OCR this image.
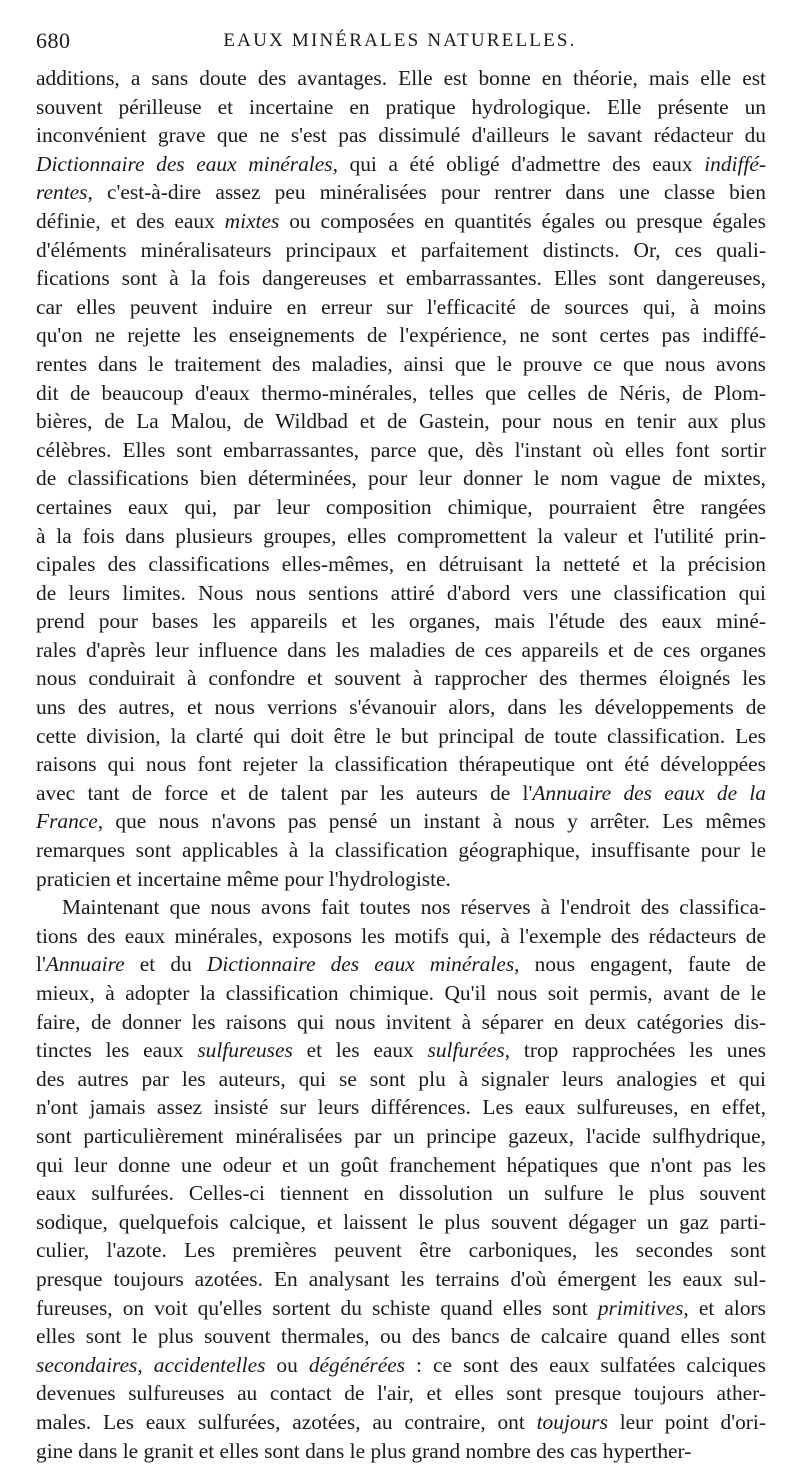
680	EAUX MINÉRALES NATURELLES.
additions, a sans doute des avantages. Elle est bonne en théorie, mais elle est
souvent périlleuse et incertaine en pratique hydrologique. Elle présente un
inconvénient grave que ne s'est pas dissimulé d'ailleurs le savant rédacteur du
Dictionnaire des eaux minérales, qui a été obligé d'admettre des eaux indiffé-
rentes, c'est-à-dire assez peu minéralisées pour rentrer dans une classe bien
définie, et des eaux mixtes ou composées en quantités égales ou presque égales
d'éléments minéralisateurs principaux et parfaitement distincts. Or, ces quali-
fications sont à la fois dangereuses et embarrassantes. Elles sont dangereuses,
car elles peuvent induire en erreur sur l'efficacité de sources qui, à moins
qu'on ne rejette les enseignements de l'expérience, ne sont certes pas indiffé-
rentes dans le traitement des maladies, ainsi que le prouve ce que nous avons
dit de beaucoup d'eaux thermo-minérales, telles que celles de Néris, de Plom-
bières, de La Malou, de Wildbad et de Gastein, pour nous en tenir aux plus
célèbres. Elles sont embarrassantes, parce que, dès l'instant où elles font sortir
de classifications bien déterminées, pour leur donner le nom vague de mixtes,
certaines eaux qui, par leur composition chimique, pourraient être rangées
à la fois dans plusieurs groupes, elles compromettent la valeur et l'utilité prin-
cipales des classifications elles-mêmes, en détruisant la netteté et la précision
de leurs limites. Nous nous sentions attiré d'abord vers une classification qui
prend pour bases les appareils et les organes, mais l'étude des eaux miné-
rales d'après leur influence dans les maladies de ces appareils et de ces organes
nous conduirait à confondre et souvent à rapprocher des thermes éloignés les
uns des autres, et nous verrions s'évanouir alors, dans les développements de
cette division, la clarté qui doit être le but principal de toute classification. Les
raisons qui nous font rejeter la classification thérapeutique ont été développées
avec tant de force et de talent par les auteurs de l'Annuaire des eaux de la
France, que nous n'avons pas pensé un instant à nous y arrêter. Les mêmes
remarques sont applicables à la classification géographique, insuffisante pour le
praticien et incertaine même pour l'hydrologiste.
Maintenant que nous avons fait toutes nos réserves à l'endroit des classifica-
tions des eaux minérales, exposons les motifs qui, à l'exemple des rédacteurs de
l'Annuaire et du Dictionnaire des eaux minérales, nous engagent, faute de
mieux, à adopter la classification chimique. Qu'il nous soit permis, avant de le
faire, de donner les raisons qui nous invitent à séparer en deux catégories dis-
tinctes les eaux sulfureuses et les eaux sulfurées, trop rapprochées les unes
des autres par les auteurs, qui se sont plu à signaler leurs analogies et qui
n'ont jamais assez insisté sur leurs différences. Les eaux sulfureuses, en effet,
sont particulièrement minéralisées par un principe gazeux, l'acide sulfhydrique,
qui leur donne une odeur et un goût franchement hépatiques que n'ont pas les
eaux sulfurées. Celles-ci tiennent en dissolution un sulfure le plus souvent
sodique, quelquefois calcique, et laissent le plus souvent dégager un gaz parti-
culier, l'azote. Les premières peuvent être carboniques, les secondes sont
presque toujours azotées. En analysant les terrains d'où émergent les eaux sul-
fureuses, on voit qu'elles sortent du schiste quand elles sont primitives, et alors
elles sont le plus souvent thermales, ou des bancs de calcaire quand elles sont
secondaires, accidentelles ou dégénérées : ce sont des eaux sulfatées calciques
devenues sulfureuses au contact de l'air, et elles sont presque toujours ather-
males. Les eaux sulfurées, azotées, au contraire, ont toujours leur point d'ori-
gine dans le granit et elles sont dans le plus grand nombre des cas hyperther-
